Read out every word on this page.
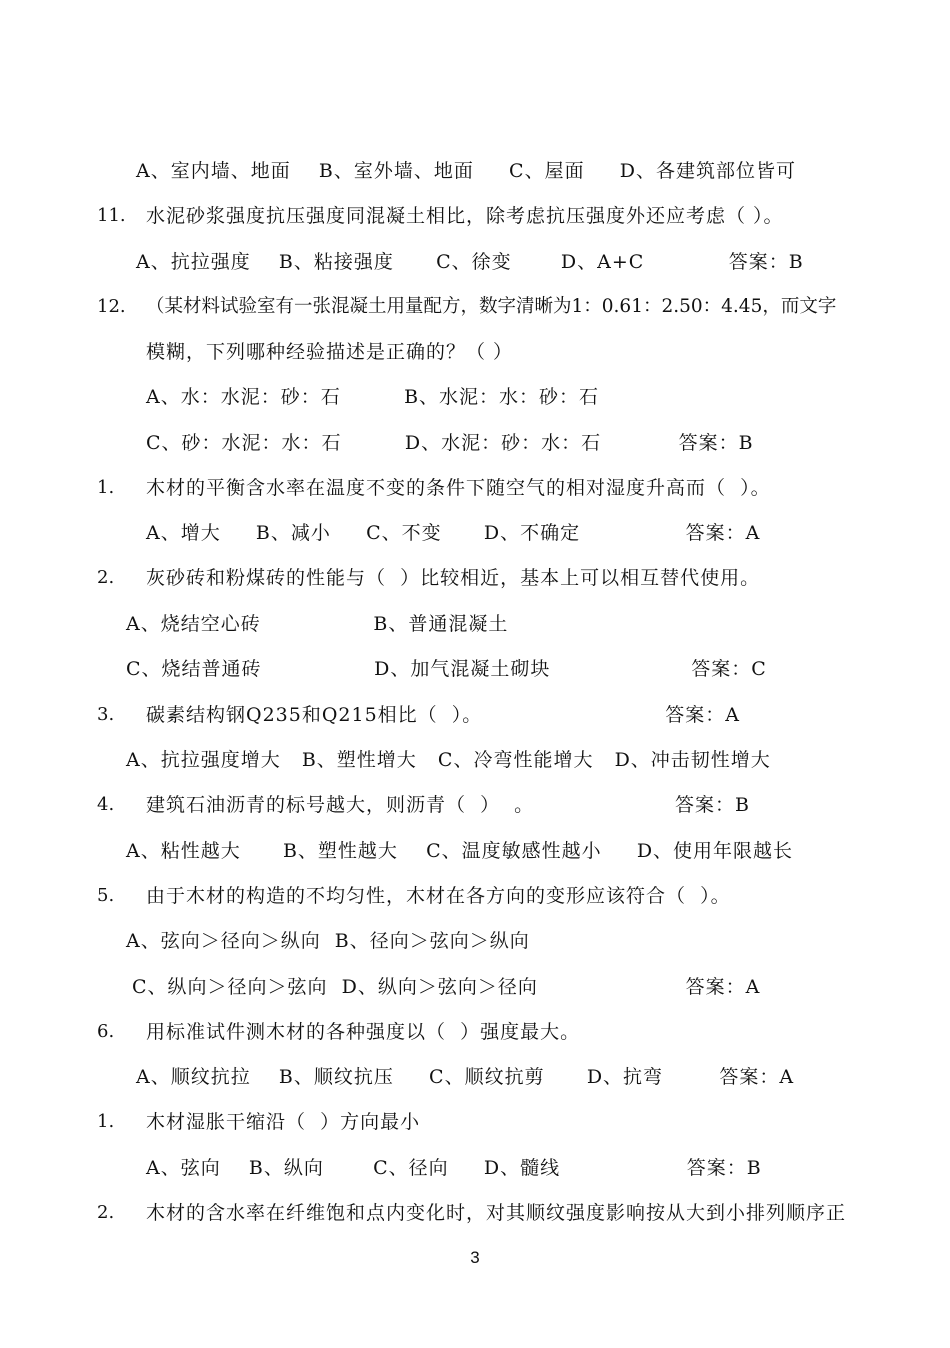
A、室内墙、地面    B、室外墙、地面     C、屋面     D、各建筑部位皆可
11. 水泥砂浆强度抗压强度同混凝土相比，除考虑抗压强度外还应考虑（ ）。
A、抗拉强度    B、粘接强度      C、徐变       D、A+C            答案：B
12. （某材料试验室有一张混凝土用量配方，数字清晰为1：0.61：2.50：4.45，而文字
模糊，下列哪种经验描述是正确的？（ ）
A、水：水泥：砂：石         B、水泥：水：砂：石
C、砂：水泥：水：石         D、水泥：砂：水：石           答案：B
1. 木材的平衡含水率在温度不变的条件下随空气的相对湿度升高而（  ）。
A、增大     B、减小     C、不变      D、不确定               答案：A
2. 灰砂砖和粉煤砖的性能与（  ）比较相近，基本上可以相互替代使用。
A、烧结空心砖                B、普通混凝土
C、烧结普通砖                D、加气混凝土砌块                    答案：C
3. 碳素结构钢Q235和Q215相比（  ）。                          答案：A
A、抗拉强度增大   B、塑性增大   C、冷弯性能增大   D、冲击韧性增大
4. 建筑石油沥青的标号越大，则沥青（  ）  。                    答案：B
A、粘性越大      B、塑性越大    C、温度敏感性越小     D、使用年限越长
5. 由于木材的构造的不均匀性，木材在各方向的变形应该符合（  ）。
A、弦向＞径向＞纵向  B、径向＞弦向＞纵向
C、纵向＞径向＞弦向  D、纵向＞弦向＞径向                     答案：A
6. 用标准试件测木材的各种强度以（  ）强度最大。
A、顺纹抗拉    B、顺纹抗压     C、顺纹抗剪      D、抗弯        答案：A
1. 木材湿胀干缩沿（  ）方向最小
A、弦向    B、纵向       C、径向     D、髓线                  答案：B
2. 木材的含水率在纤维饱和点内变化时，对其顺纹强度影响按从大到小排列顺序正
3
